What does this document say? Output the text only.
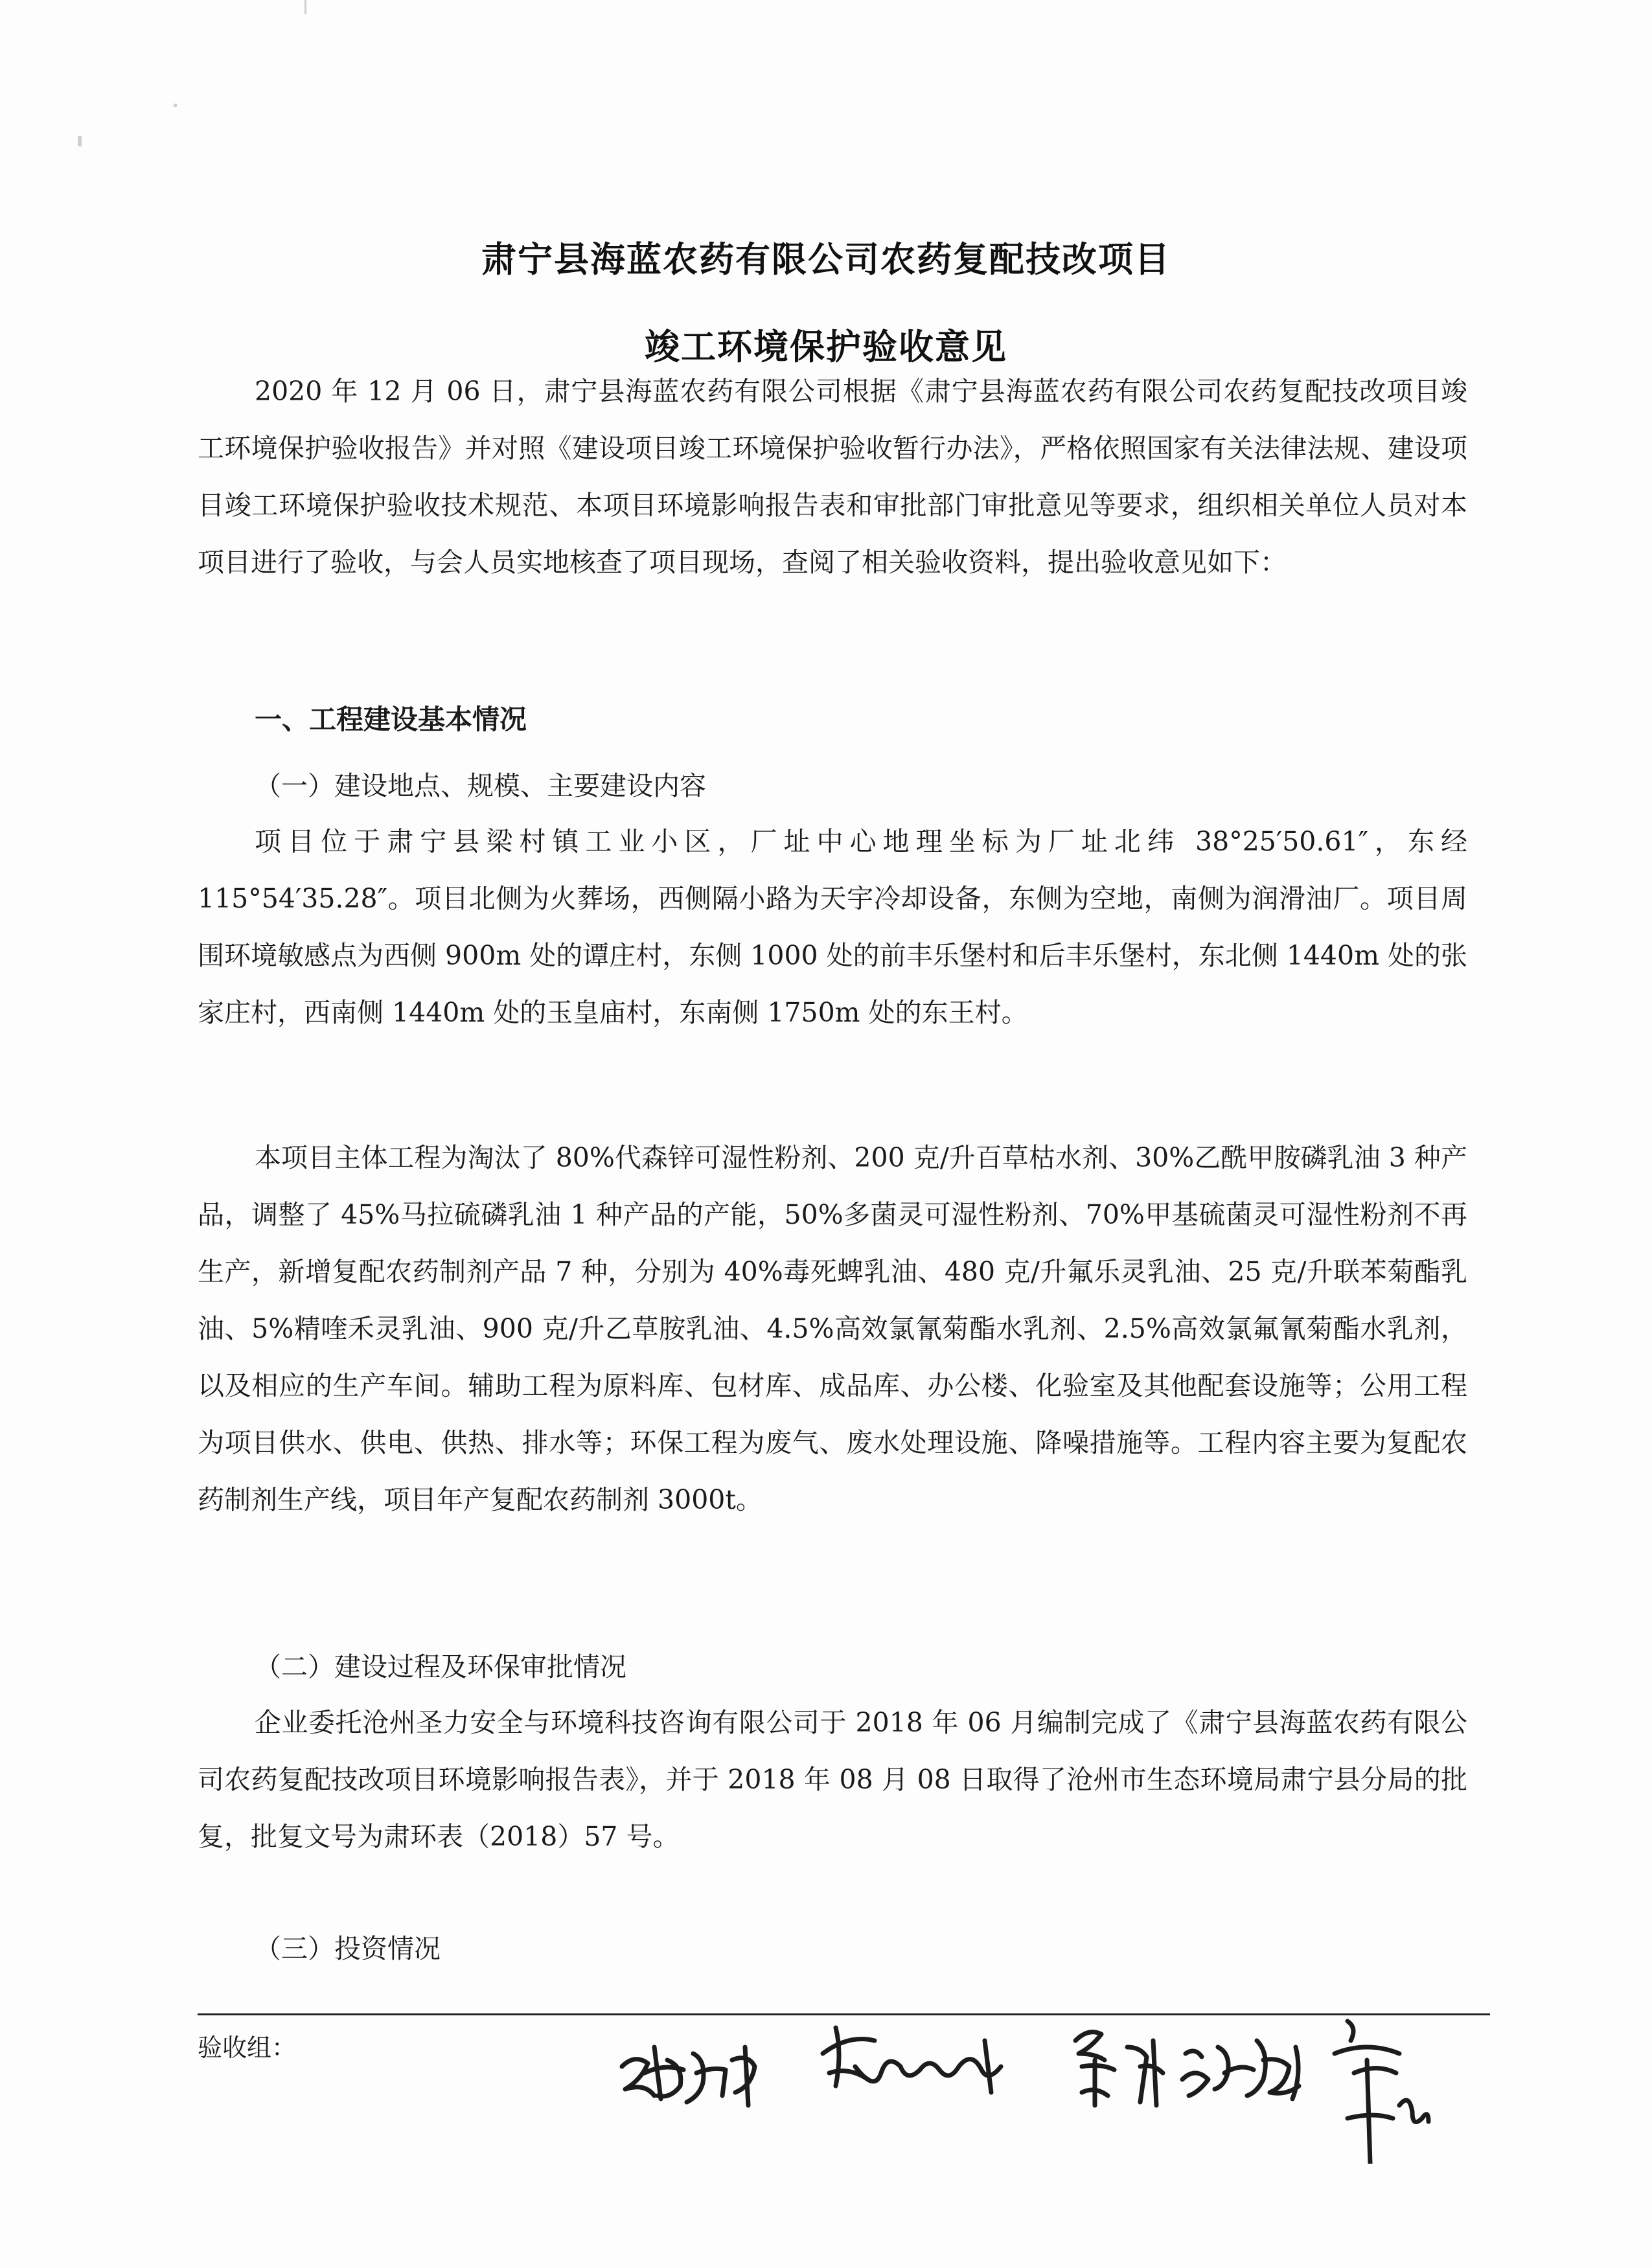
肃宁县海蓝农药有限公司农药复配技改项目
竣工环境保护验收意见

2020 年 12 月 06 日，肃宁县海蓝农药有限公司根据《肃宁县海蓝农药有限公司农药复配技改项目竣工环境保护验收报告》并对照《建设项目竣工环境保护验收暂行办法》，严格依照国家有关法律法规、建设项目竣工环境保护验收技术规范、本项目环境影响报告表和审批部门审批意见等要求，组织相关单位人员对本项目进行了验收，与会人员实地核查了项目现场，查阅了相关验收资料，提出验收意见如下：

一、工程建设基本情况

（一）建设地点、规模、主要建设内容

项目位于肃宁县梁村镇工业小区，厂址中心地理坐标为厂址北纬 38°25′50.61″，东经 115°54′35.28″。项目北侧为火葬场，西侧隔小路为天宇冷却设备，东侧为空地，南侧为润滑油厂。项目周围环境敏感点为西侧 900m 处的谭庄村，东侧 1000 处的前丰乐堡村和后丰乐堡村，东北侧 1440m 处的张家庄村，西南侧 1440m 处的玉皇庙村，东南侧 1750m 处的东王村。

本项目主体工程为淘汰了 80%代森锌可湿性粉剂、200 克/升百草枯水剂、30%乙酰甲胺磷乳油 3 种产品，调整了 45%马拉硫磷乳油 1 种产品的产能，50%多菌灵可湿性粉剂、70%甲基硫菌灵可湿性粉剂不再生产，新增复配农药制剂产品 7 种，分别为 40%毒死蜱乳油、480 克/升氟乐灵乳油、25 克/升联苯菊酯乳油、5%精喹禾灵乳油、900 克/升乙草胺乳油、4.5%高效氯氰菊酯水乳剂、2.5%高效氯氟氰菊酯水乳剂，以及相应的生产车间。辅助工程为原料库、包材库、成品库、办公楼、化验室及其他配套设施等；公用工程为项目供水、供电、供热、排水等；环保工程为废气、废水处理设施、降噪措施等。工程内容主要为复配农药制剂生产线，项目年产复配农药制剂 3000t。

（二）建设过程及环保审批情况

企业委托沧州圣力安全与环境科技咨询有限公司于 2018 年 06 月编制完成了《肃宁县海蓝农药有限公司农药复配技改项目环境影响报告表》，并于 2018 年 08 月 08 日取得了沧州市生态环境局肃宁县分局的批复，批复文号为肃环表（2018）57 号。

（三）投资情况

验收组：
